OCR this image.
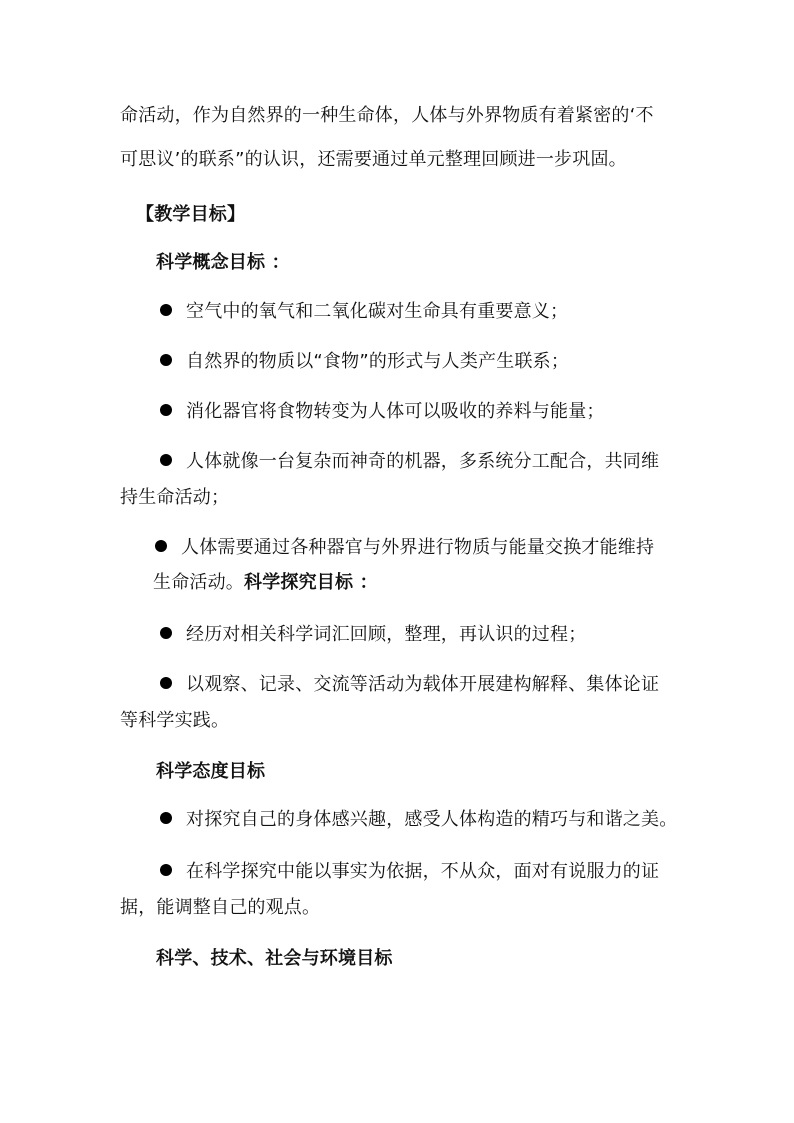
命活动，作为自然界的一种生命体，人体与外界物质有着紧密的‘不
可思议’的联系”的认识，还需要通过单元整理回顾进一步巩固。
【教学目标】
科学概念目标 ：
空气中的氧气和二氧化碳对生命具有重要意义；
自然界的物质以“食物”的形式与人类产生联系；
消化器官将食物转变为人体可以吸收的养料与能量；
人体就像一台复杂而神奇的机器，多系统分工配合，共同维
持生命活动；
人体需要通过各种器官与外界进行物质与能量交换才能维持
生命活动。科学探究目标 ：
经历对相关科学词汇回顾，整理，再认识的过程；
以观察、记录、交流等活动为载体开展建构解释、集体论证
等科学实践。
科学态度目标
对探究自己的身体感兴趣，感受人体构造的精巧与和谐之美。
在科学探究中能以事实为依据，不从众，面对有说服力的证
据，能调整自己的观点。
科学、技术、社会与环境目标
